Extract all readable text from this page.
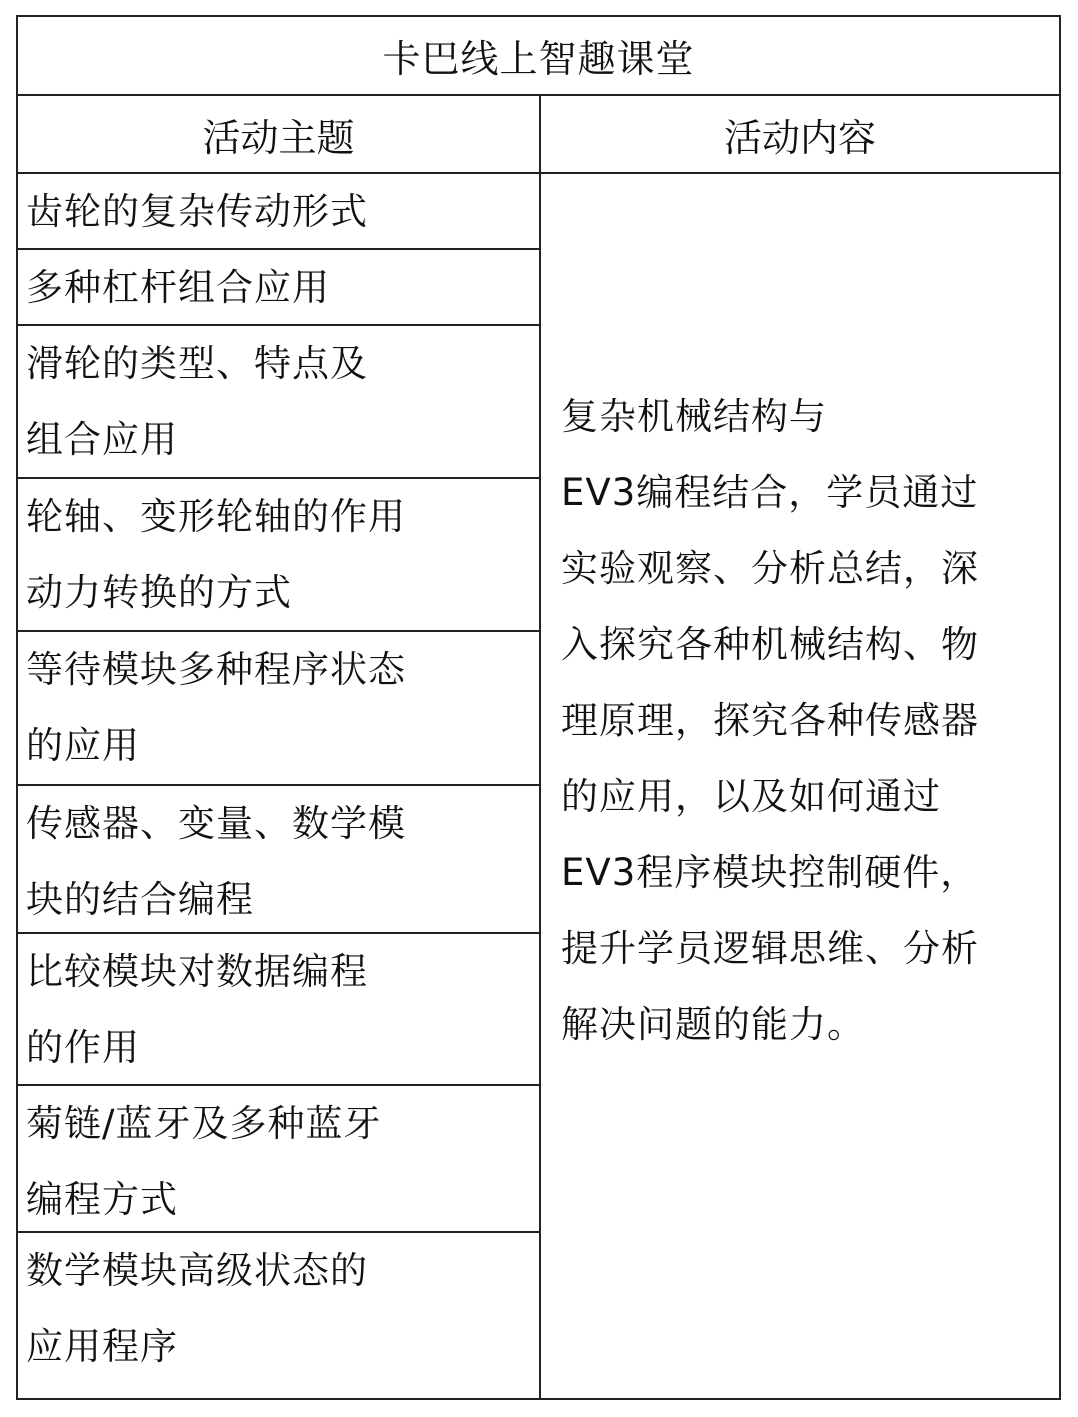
卡巴线上智趣课堂
活动主题	活动内容
齿轮的复杂传动形式
多种杠杆组合应用
滑轮的类型、特点及
组合应用
轮轴、变形轮轴的作用
动力转换的方式
等待模块多种程序状态
的应用
传感器、变量、数学模
块的结合编程
比较模块对数据编程
的作用
菊链/蓝牙及多种蓝牙
编程方式
数学模块高级状态的
应用程序
复杂机械结构与
EV3编程结合，学员通过
实验观察、分析总结，深
入探究各种机械结构、物
理原理，探究各种传感器
的应用，以及如何通过
EV3程序模块控制硬件，
提升学员逻辑思维、分析
解决问题的能力。
